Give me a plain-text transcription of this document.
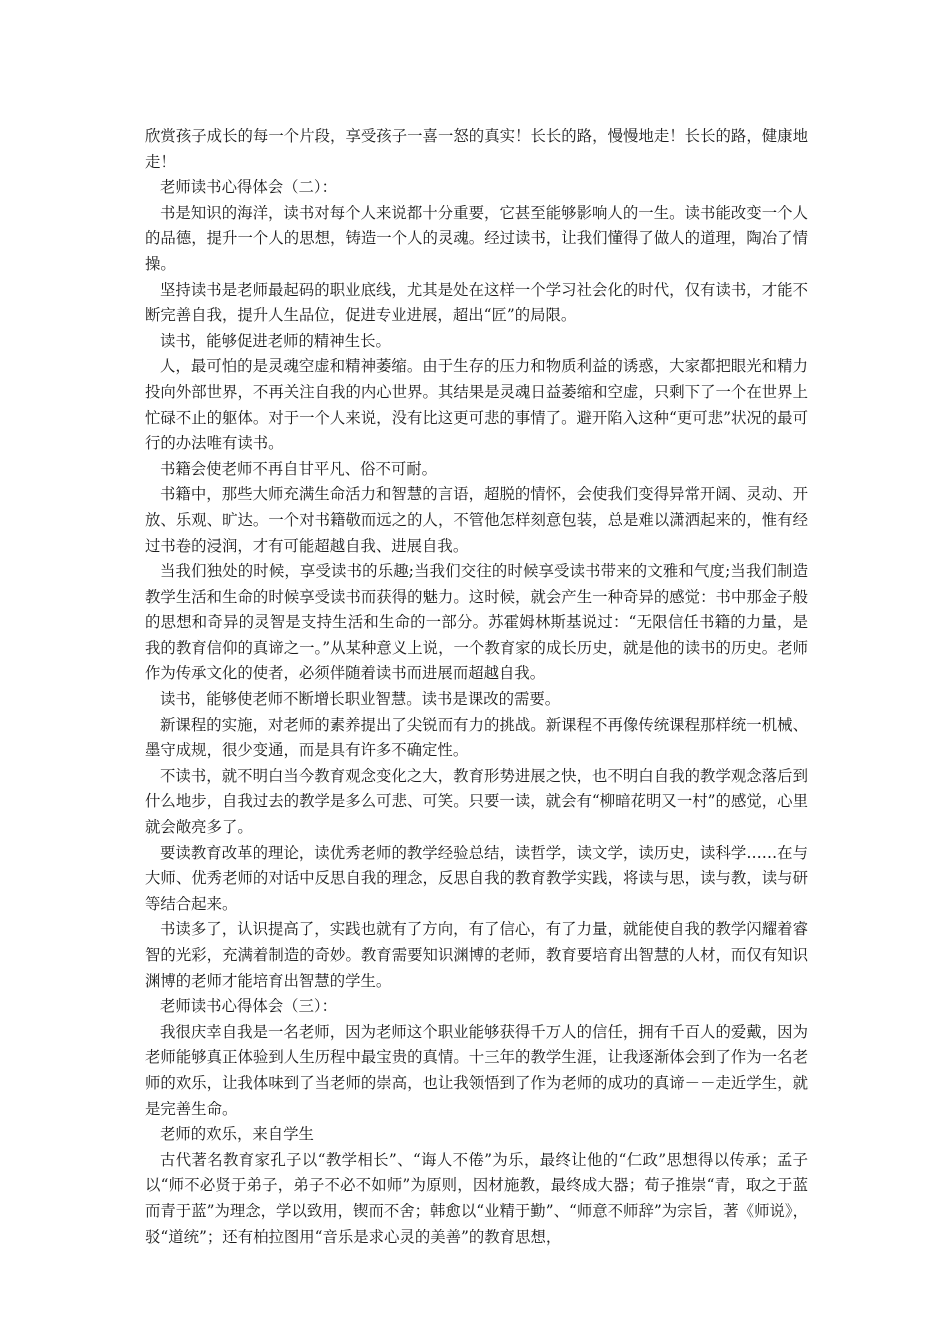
欣赏孩子成长的每一个片段，享受孩子一喜一怒的真实！长长的路，慢慢地走！长长的路，健康地走！

老师读书心得体会（二）：

书是知识的海洋，读书对每个人来说都十分重要，它甚至能够影响人的一生。读书能改变一个人的品德，提升一个人的思想，铸造一个人的灵魂。经过读书，让我们懂得了做人的道理，陶冶了情操。

坚持读书是老师最起码的职业底线，尤其是处在这样一个学习社会化的时代，仅有读书，才能不断完善自我，提升人生品位，促进专业进展，超出“匠”的局限。

读书，能够促进老师的精神生长。

人，最可怕的是灵魂空虚和精神萎缩。由于生存的压力和物质利益的诱惑，大家都把眼光和精力投向外部世界，不再关注自我的内心世界。其结果是灵魂日益萎缩和空虚，只剩下了一个在世界上忙碌不止的躯体。对于一个人来说，没有比这更可悲的事情了。避开陷入这种“更可悲”状况的最可行的办法唯有读书。

书籍会使老师不再自甘平凡、俗不可耐。

书籍中，那些大师充满生命活力和智慧的言语，超脱的情怀，会使我们变得异常开阔、灵动、开放、乐观、旷达。一个对书籍敬而远之的人，不管他怎样刻意包装，总是难以潇洒起来的，惟有经过书卷的浸润，才有可能超越自我、进展自我。

当我们独处的时候，享受读书的乐趣;当我们交往的时候享受读书带来的文雅和气度;当我们制造教学生活和生命的时候享受读书而获得的魅力。这时候，就会产生一种奇异的感觉：书中那金子般的思想和奇异的灵智是支持生活和生命的一部分。苏霍姆林斯基说过：“无限信任书籍的力量，是我的教育信仰的真谛之一。”从某种意义上说，一个教育家的成长历史，就是他的读书的历史。老师作为传承文化的使者，必须伴随着读书而进展而超越自我。

读书，能够使老师不断增长职业智慧。读书是课改的需要。

新课程的实施，对老师的素养提出了尖锐而有力的挑战。新课程不再像传统课程那样统一机械、墨守成规，很少变通，而是具有许多不确定性。

不读书，就不明白当今教育观念变化之大，教育形势进展之快，也不明白自我的教学观念落后到什么地步，自我过去的教学是多么可悲、可笑。只要一读，就会有“柳暗花明又一村”的感觉，心里就会敞亮多了。

要读教育改革的理论，读优秀老师的教学经验总结，读哲学，读文学，读历史，读科学……在与大师、优秀老师的对话中反思自我的理念，反思自我的教育教学实践，将读与思，读与教，读与研等结合起来。

书读多了，认识提高了，实践也就有了方向，有了信心，有了力量，就能使自我的教学闪耀着睿智的光彩，充满着制造的奇妙。教育需要知识渊博的老师，教育要培育出智慧的人材，而仅有知识渊博的老师才能培育出智慧的学生。

老师读书心得体会（三）：

我很庆幸自我是一名老师，因为老师这个职业能够获得千万人的信任，拥有千百人的爱戴，因为老师能够真正体验到人生历程中最宝贵的真情。十三年的教学生涯，让我逐渐体会到了作为一名老师的欢乐，让我体味到了当老师的崇高，也让我领悟到了作为老师的成功的真谛－－走近学生，就是完善生命。

老师的欢乐，来自学生

古代著名教育家孔子以“教学相长”、“诲人不倦”为乐，最终让他的“仁政”思想得以传承；孟子以“师不必贤于弟子，弟子不必不如师”为原则，因材施教，最终成大器；荀子推崇“青，取之于蓝而青于蓝”为理念，学以致用，锲而不舍；韩愈以“业精于勤”、“师意不师辞”为宗旨，著《师说》，驳“道统”；还有柏拉图用“音乐是求心灵的美善”的教育思想，
